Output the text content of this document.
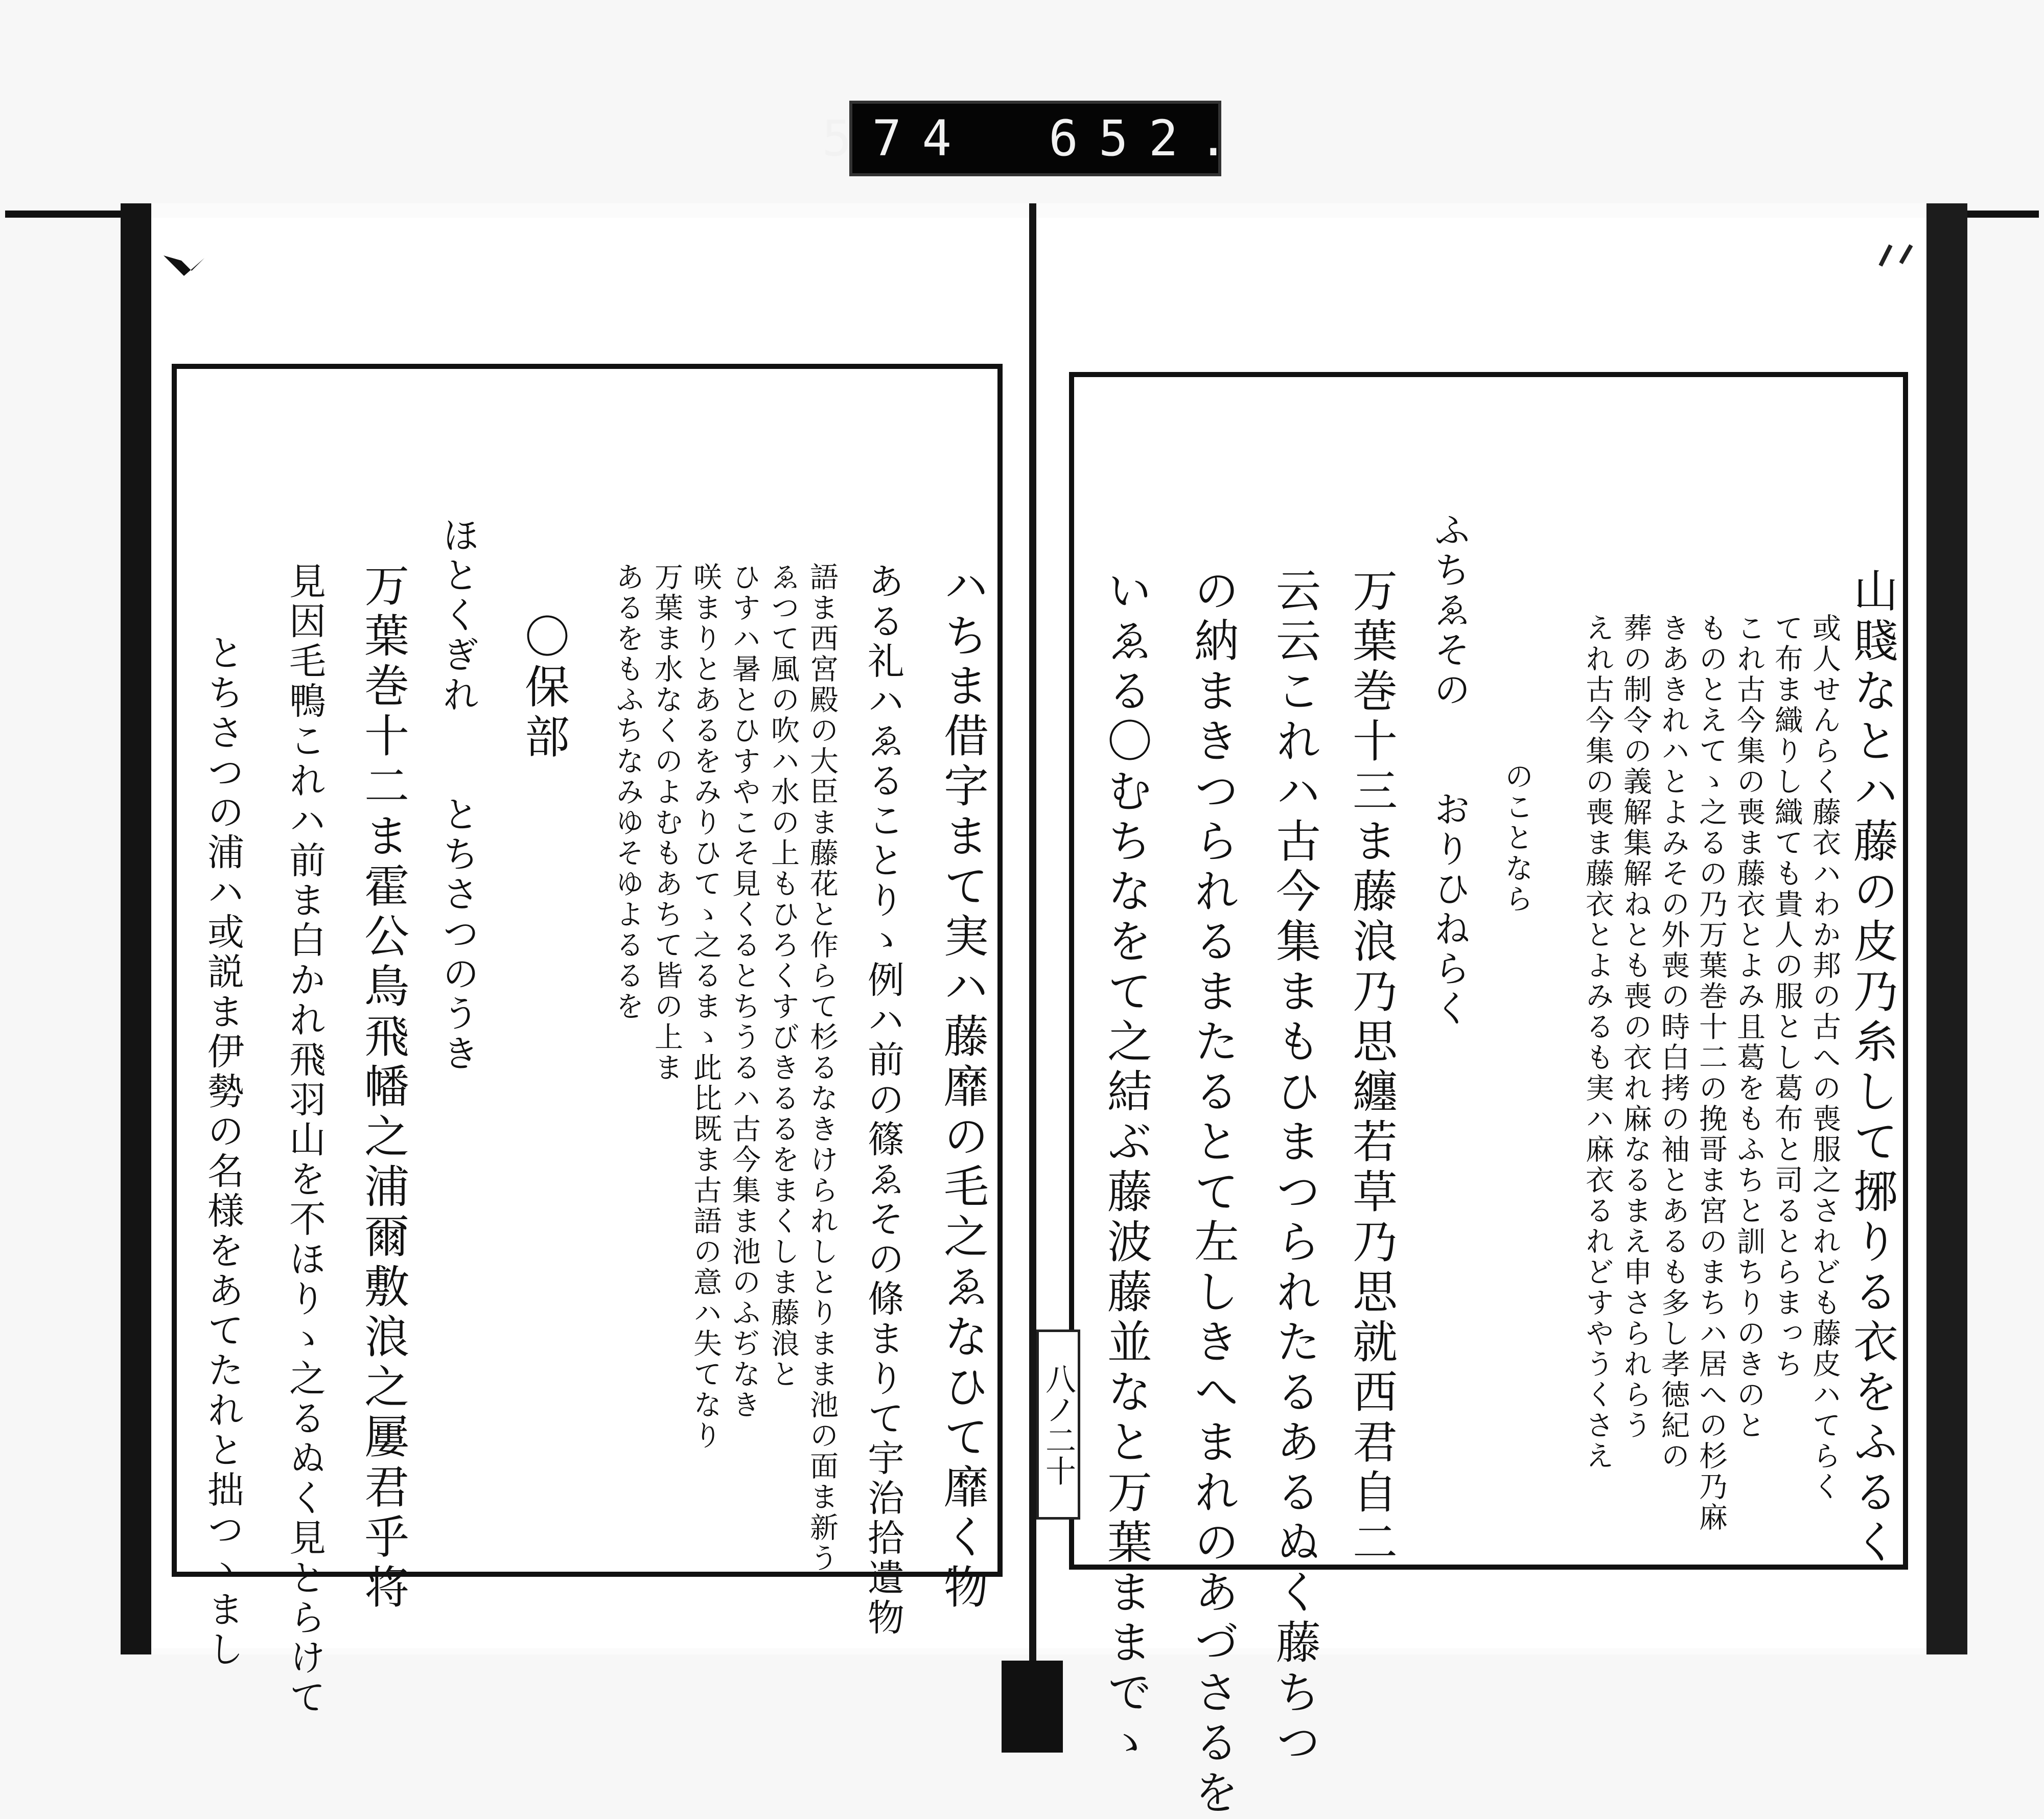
574 652.
山賤なとハ藤の皮乃糸して捓りる衣をふるく
或人せんらく藤衣ハわか邦の古への喪服之されども藤皮ハてらく
て布ま織りし織ても貴人の服とし葛布と司るとらまっち
これ古今集の喪ま藤衣とよみ且葛をもふちと訓ちりのきのと
ものとえてゝ之るの乃万葉巻十二の挽哥ま宮のまちハ居への杉乃麻
きあきれハとよみその外喪の時白拷の袖とあるも多し孝徳紀の
葬の制令の義解集解ねとも喪の衣れ麻なるまえ申さられらう
えれ古今集の喪ま藤衣とよみるも実ハ麻衣るれどすやうくさえ
のことなら
ふちゑその　　おりひねらく
万葉巻十三ま藤浪乃思纏若草乃思就西君自二
云云これハ古今集まもひまつられたるあるぬく藤ちつ
の納まきつられるまたるとて左しきへまれのあづさるを
いゑる〇むちなをて之結ぶ藤波藤並なと万葉ままでゝ
八ノ二十
ハちま借字まて実ハ藤靡の毛之ゑなひて靡く物
ある礼ハゑることりゝ例ハ前の篠ゑその條まりて宇治拾遺物
語ま西宮殿の大臣ま藤花と作らて杉るなきけられしとりまま池の面ま新う
ゑつて風の吹ハ水の上もひろくすびきるるをまくしま藤浪と
ひすハ暑とひすやこそ見くるとちうるハ古今集ま池のふぢなき
咲まりとあるをみりひてゝ之るまゝ此比既ま古語の意ハ失てなり
万葉ま水なくのよむもあちて皆の上ま
あるをもふちなみゆそゆよるるを
〇保部
ほとくぎれ　　とちさつのうき
万葉巻十二ま霍公鳥飛幡之浦爾敷浪之屢君乎将
見因毛鴨これハ前ま白かれ飛羽山を不ほりゝ之るぬく見とらけて
とちさつの浦ハ或説ま伊勢の名様をあてたれと拙つゝまし
